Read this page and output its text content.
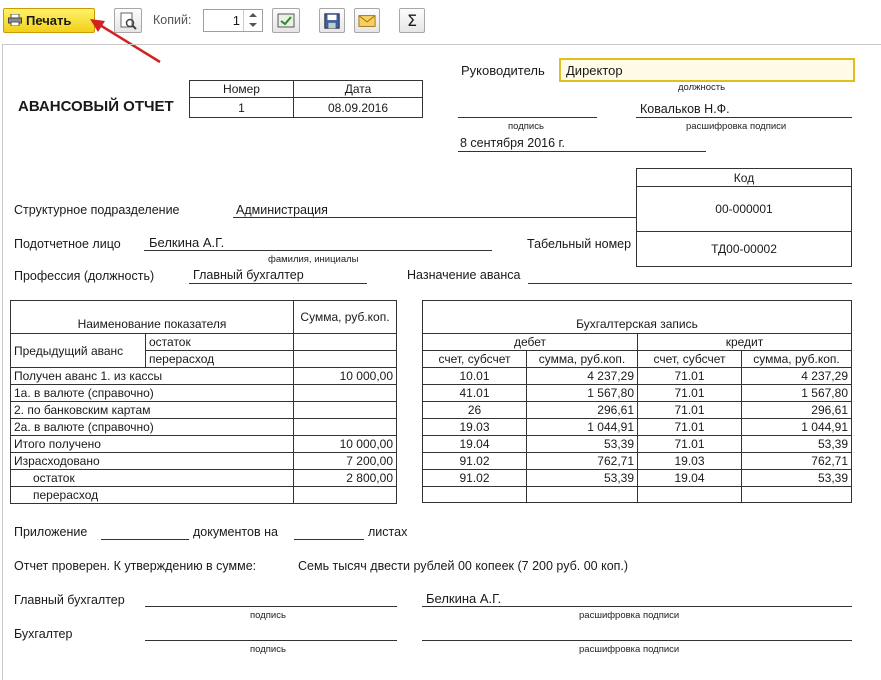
Печать	Копий:	1	Σ
АВАНСОВЫЙ ОТЧЕТ
Номер	Дата
1	08.09.2016
Руководитель Директор
должность
подпись
Ковальков Н.Ф.
расшифровка подписи
8 сентября 2016 г.
Код
00-000001
ТД00-00002
Структурное подразделение	Администрация
Подотчетное лицо Белкина А.Г.
фамилия, инициалы
Табельный номер
Профессия (должность)	Главный бухгалтер	Назначение аванса
Наименование показателя		Сумма, руб.коп.
Предыдущий аванс	остаток	
	перерасход	
Получен аванс 1. из кассы		10 000,00
1а. в валюте (справочно)		
2. по банковским картам		
2а. в валюте (справочно)		
Итого получено		10 000,00
Израсходовано		7 200,00
остаток		2 800,00
перерасход		
Бухгалтерская запись			
дебет		кредит	
счет, субсчет	сумма, руб.коп.	счет, субсчет	сумма, руб.коп.
10.01	4 237,29	71.01	4 237,29
41.01	1 567,80	71.01	1 567,80
26	296,61	71.01	296,61
19.03	1 044,91	71.01	1 044,91
19.04	53,39	71.01	53,39
91.02	762,71	19.03	762,71
91.02	53,39	19.04	53,39

Приложение	документов на	листах
Отчет проверен. К утверждению в сумме:	Семь тысяч двести рублей 00 копеек (7 200 руб. 00 коп.)
Главный бухгалтер
подпись
Белкина А.Г.
расшифровка подписи
Бухгалтер
подпись	расшифровка подписи
